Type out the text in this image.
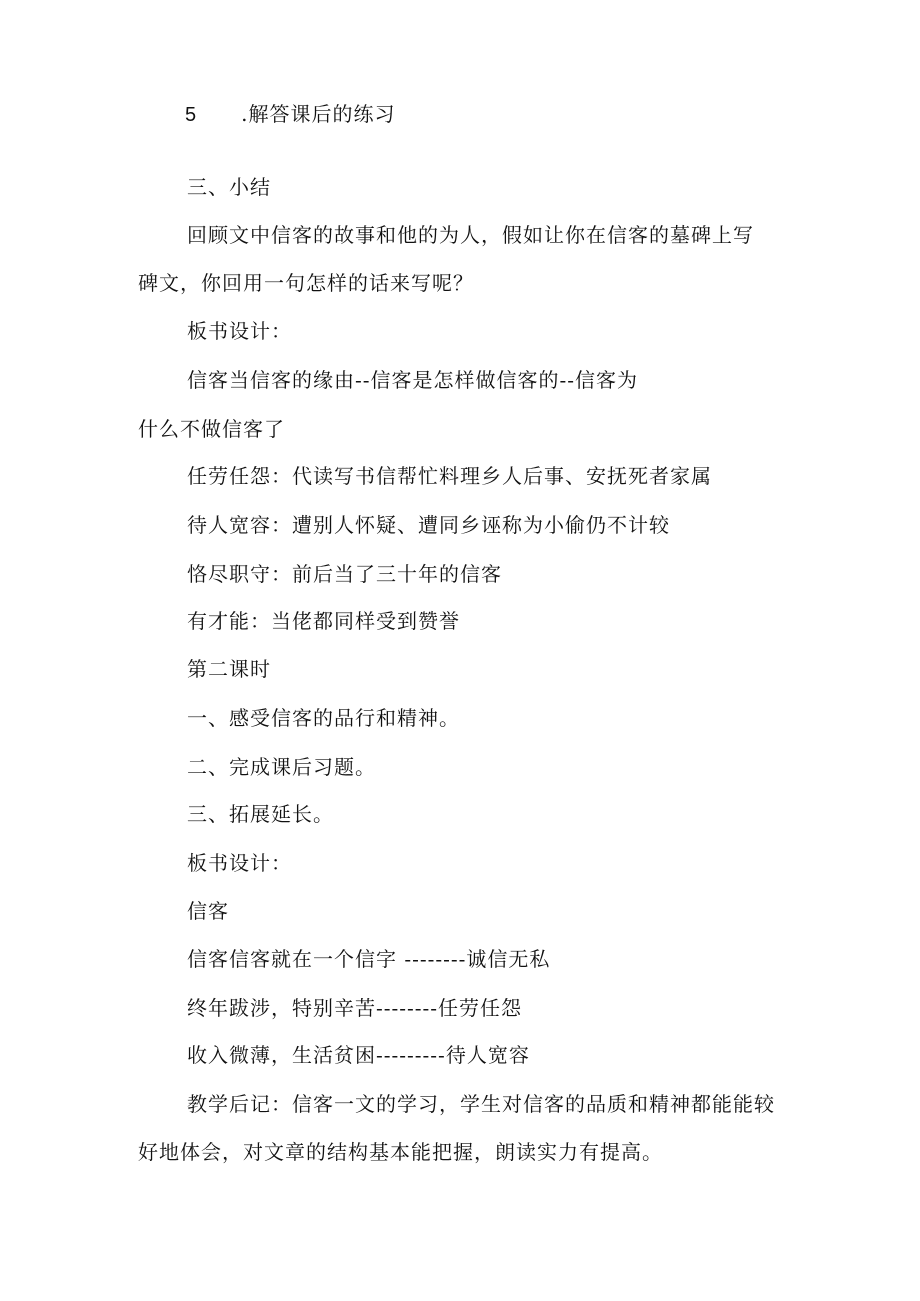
5 .解答课后的练习
三、小结
回顾文中信客的故事和他的为人，假如让你在信客的墓碑上写
碑文，你回用一句怎样的话来写呢？
板书设计：
信客当信客的缘由--信客是怎样做信客的--信客为
什么不做信客了
任劳任怨：代读写书信帮忙料理乡人后事、安抚死者家属
待人宽容：遭别人怀疑、遭同乡诬称为小偷仍不计较
恪尽职守：前后当了三十年的信客
有才能：当佬都同样受到赞誉
第二课时
一、感受信客的品行和精神。
二、完成课后习题。
三、拓展延长。
板书设计：
信客
信客信客就在一个信字 --------诚信无私
终年跋涉，特别辛苦--------任劳任怨
收入微薄，生活贫困---------待人宽容
教学后记：信客一文的学习，学生对信客的品质和精神都能能较
好地体会，对文章的结构基本能把握，朗读实力有提高。
